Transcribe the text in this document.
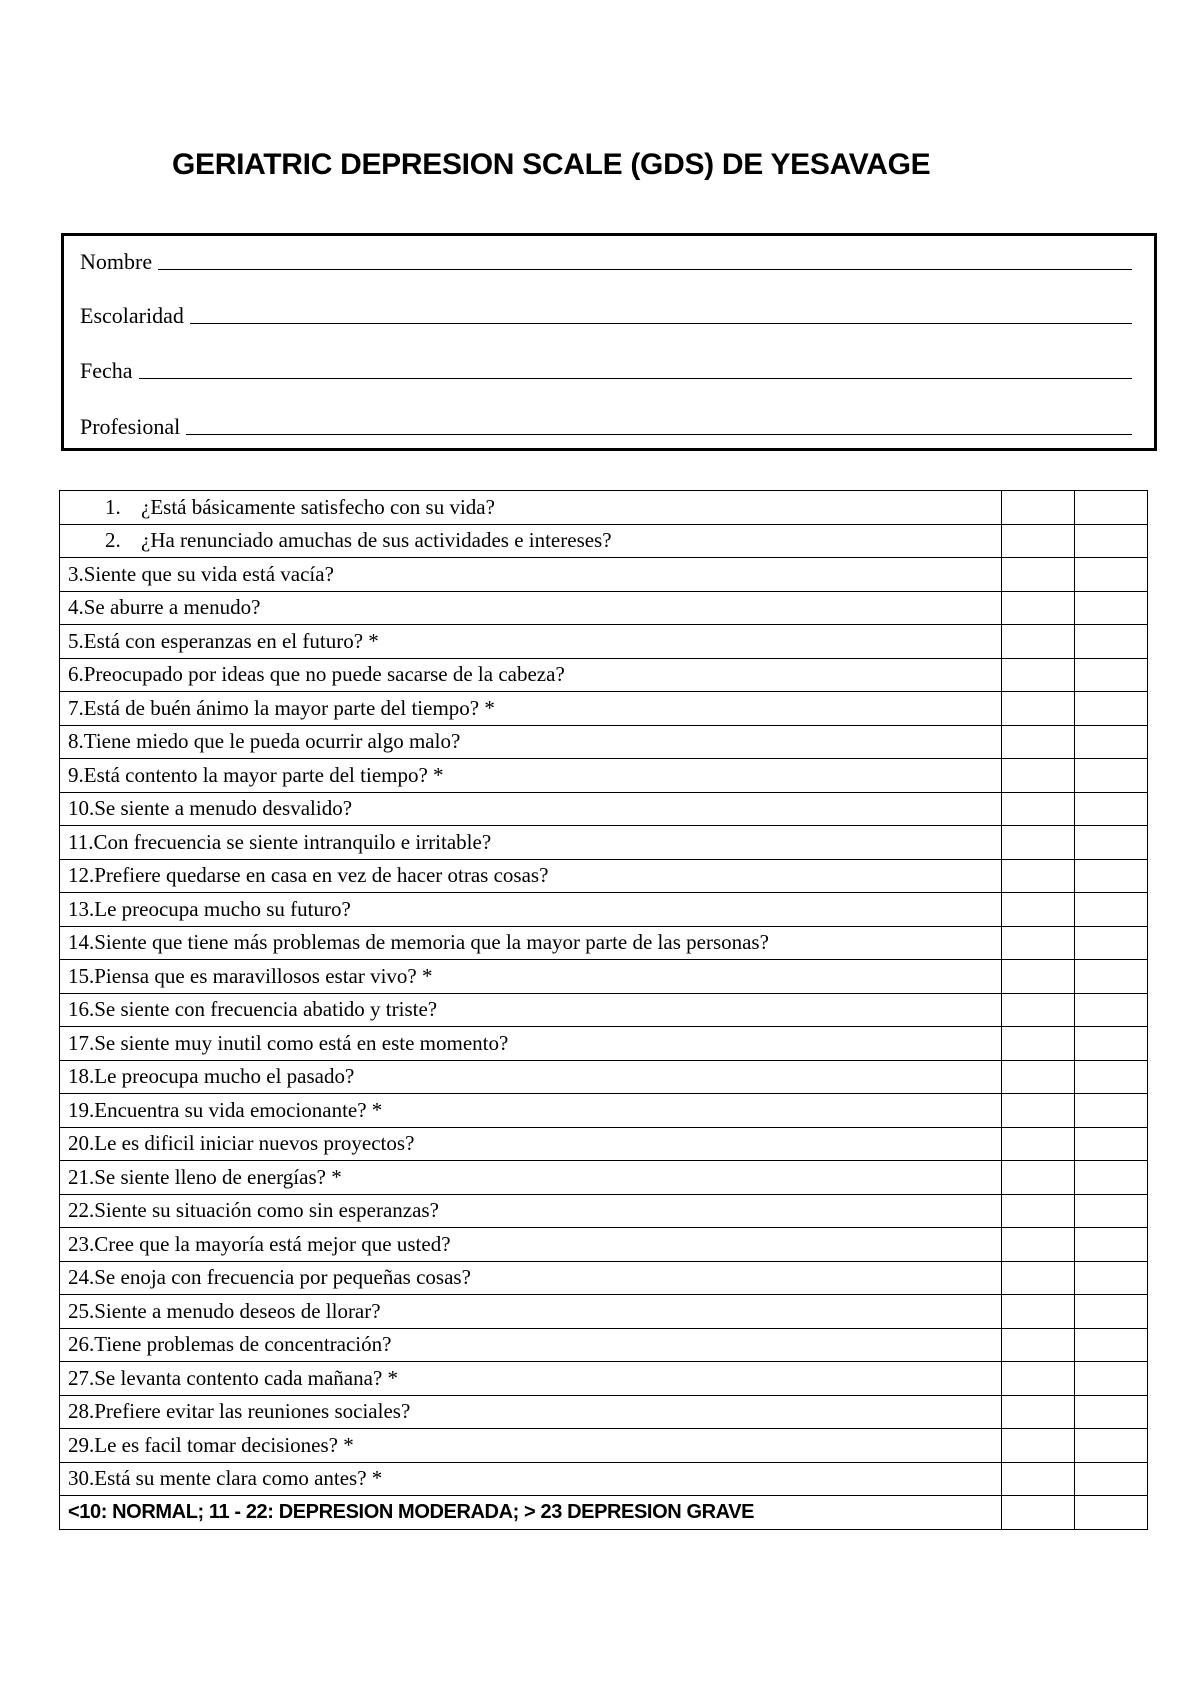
GERIATRIC DEPRESION SCALE (GDS) DE YESAVAGE
Nombre
Escolaridad
Fecha
Profesional
1. ¿Está básicamente satisfecho con su vida?		
2. ¿Ha renunciado amuchas de sus actividades e intereses?		
3.Siente que su vida está vacía?		
4.Se aburre a menudo?		
5.Está con esperanzas en el futuro? *		
6.Preocupado por ideas que no puede sacarse de la cabeza?		
7.Está de buén ánimo la mayor parte del tiempo? *		
8.Tiene miedo que le pueda ocurrir algo malo?		
9.Está contento la mayor parte del tiempo? *		
10.Se siente a menudo desvalido?		
11.Con frecuencia se siente intranquilo e irritable?		
12.Prefiere quedarse en casa en vez de hacer otras cosas?		
13.Le preocupa mucho su futuro?		
14.Siente que tiene más problemas de memoria que la mayor parte de las personas?		
15.Piensa que es maravillosos estar vivo? *		
16.Se siente con frecuencia abatido y triste?		
17.Se siente muy inutil como está en este momento?		
18.Le preocupa mucho el pasado?		
19.Encuentra su vida emocionante? *		
20.Le es dificil iniciar nuevos proyectos?		
21.Se siente lleno de energías? *		
22.Siente su situación como sin esperanzas?		
23.Cree que la mayoría está mejor que usted?		
24.Se enoja con frecuencia por pequeñas cosas?		
25.Siente a menudo deseos de llorar?		
26.Tiene problemas de concentración?		
27.Se levanta contento cada mañana? *		
28.Prefiere evitar las reuniones sociales?		
29.Le es facil tomar decisiones? *		
30.Está su mente clara como antes? *		
<10: NORMAL; 11 - 22: DEPRESION MODERADA; > 23 DEPRESION GRAVE		
